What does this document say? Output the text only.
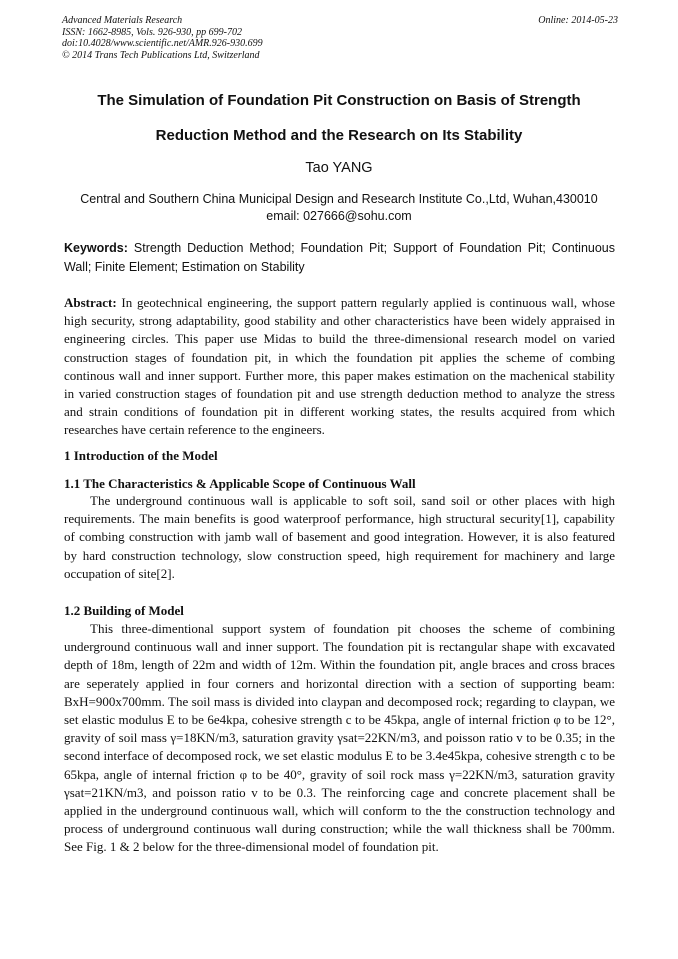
Advanced Materials Research
ISSN: 1662-8985, Vols. 926-930, pp 699-702
doi:10.4028/www.scientific.net/AMR.926-930.699
© 2014 Trans Tech Publications Ltd, Switzerland
Online: 2014-05-23
The Simulation of Foundation Pit Construction on Basis of Strength
Reduction Method and the Research on Its Stability
Tao YANG
Central and Southern China Municipal Design and Research Institute Co.,Ltd, Wuhan,430010
email: 027666@sohu.com
Keywords: Strength Deduction Method; Foundation Pit; Support of Foundation Pit; Continuous Wall; Finite Element; Estimation on Stability
Abstract: In geotechnical engineering, the support pattern regularly applied is continuous wall, whose high security, strong adaptability, good stability and other characteristics have been widely appraised in engineering circles. This paper use Midas to build the three-dimensional research model on varied construction stages of foundation pit, in which the foundation pit applies the scheme of combing continous wall and inner support. Further more, this paper makes estimation on the machenical stability in varied construction stages of foundation pit and use strength deduction method to analyze the stress and strain conditions of foundation pit in different working states, the results acquired from which researches have certain reference to the engineers.
1 Introduction of the Model
1.1 The Characteristics & Applicable Scope of Continuous Wall
The underground continuous wall is applicable to soft soil, sand soil or other places with high requirements. The main benefits is good waterproof performance, high structural security[1], capability of combing construction with jamb wall of basement and good integration. However, it is also featured by hard construction technology, slow construction speed, high requirement for machinery and large occupation of site[2].
1.2 Building of Model
This three-dimentional support system of foundation pit chooses the scheme of combining underground continuous wall and inner support. The foundation pit is rectangular shape with excavated depth of 18m, length of 22m and width of 12m. Within the foundation pit, angle braces and cross braces are seperately applied in four corners and horizontal direction with a section of supporting beam: BxH=900x700mm. The soil mass is divided into claypan and decomposed rock; regarding to claypan, we set elastic modulus E to be 6e4kpa, cohesive strength c to be 45kpa, angle of internal friction φ to be 12°, gravity of soil mass γ=18KN/m3, saturation gravity γsat=22KN/m3, and poisson ratio v to be 0.35; in the second interface of decomposed rock, we set elastic modulus E to be 3.4e45kpa, cohesive strength c to be 65kpa, angle of internal friction φ to be 40°, gravity of soil rock mass γ=22KN/m3, saturation gravity γsat=21KN/m3, and poisson ratio v to be 0.3. The reinforcing cage and concrete placement shall be applied in the underground continuous wall, which will conform to the the construction technology and process of underground continuous wall during construction; while the wall thickness shall be 700mm. See Fig. 1 & 2 below for the three-dimensional model of foundation pit.
